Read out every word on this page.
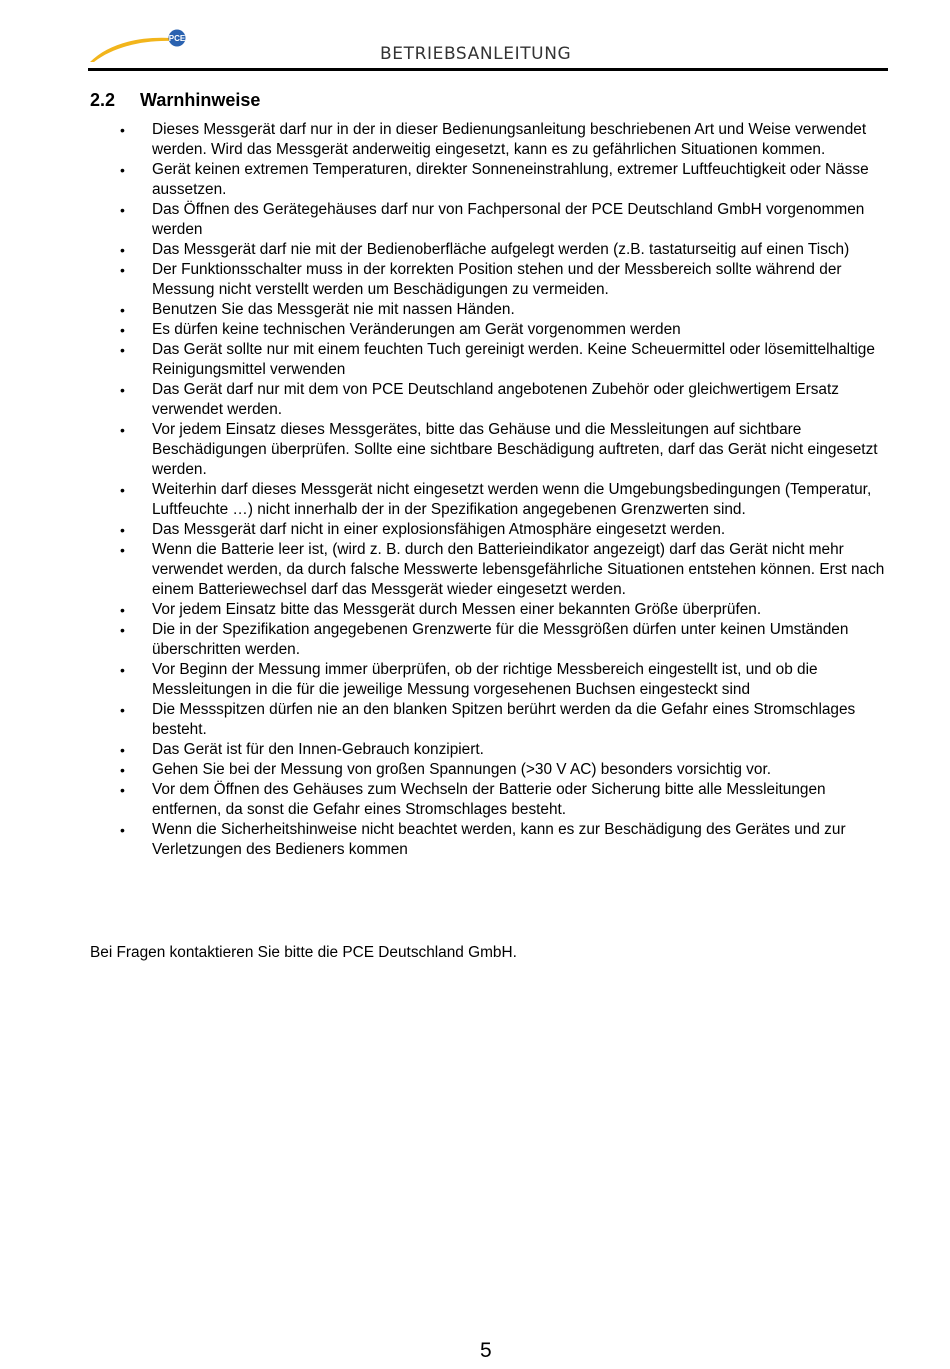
PCE
BETRIEBSANLEITUNG
2.2 Warnhinweise
• Dieses Messgerät darf nur in der in dieser Bedienungsanleitung beschriebenen Art und Weise verwendet werden. Wird das Messgerät anderweitig eingesetzt, kann es zu gefährlichen Situationen kommen.
• Gerät keinen extremen Temperaturen, direkter Sonneneinstrahlung, extremer Luftfeuchtigkeit oder Nässe aussetzen.
• Das Öffnen des Gerätegehäuses darf nur von Fachpersonal der PCE Deutschland GmbH vorgenommen werden
• Das Messgerät darf nie mit der Bedienoberfläche aufgelegt werden (z.B. tastaturseitig auf einen Tisch)
• Der Funktionsschalter muss in der korrekten Position stehen und der Messbereich sollte während der Messung nicht verstellt werden um Beschädigungen zu vermeiden.
• Benutzen Sie das Messgerät nie mit nassen Händen.
• Es dürfen keine technischen Veränderungen am Gerät vorgenommen werden
• Das Gerät sollte nur mit einem feuchten Tuch gereinigt werden. Keine Scheuermittel oder lösemittelhaltige Reinigungsmittel verwenden
• Das Gerät darf nur mit dem von PCE Deutschland angebotenen Zubehör oder gleichwertigem Ersatz verwendet werden.
• Vor jedem Einsatz dieses Messgerätes, bitte das Gehäuse und die Messleitungen auf sichtbare Beschädigungen überprüfen. Sollte eine sichtbare Beschädigung auftreten, darf das Gerät nicht eingesetzt werden.
• Weiterhin darf dieses Messgerät nicht eingesetzt werden wenn die Umgebungsbedingungen (Temperatur, Luftfeuchte …) nicht innerhalb der in der Spezifikation angegebenen Grenzwerten sind.
• Das Messgerät darf nicht in einer explosionsfähigen Atmosphäre eingesetzt werden.
• Wenn die Batterie leer ist, (wird z. B. durch den Batterieindikator angezeigt) darf das Gerät nicht mehr verwendet werden, da durch falsche Messwerte lebensgefährliche Situationen entstehen können. Erst nach einem Batteriewechsel darf das Messgerät wieder eingesetzt werden.
• Vor jedem Einsatz bitte das Messgerät durch Messen einer bekannten Größe überprüfen.
• Die in der Spezifikation angegebenen Grenzwerte für die Messgrößen dürfen unter keinen Umständen überschritten werden.
• Vor Beginn der Messung immer überprüfen, ob der richtige Messbereich eingestellt ist, und ob die Messleitungen in die für die jeweilige Messung vorgesehenen Buchsen eingesteckt sind
• Die Messspitzen dürfen nie an den blanken Spitzen berührt werden da die Gefahr eines Stromschlages besteht.
• Das Gerät ist für den Innen-Gebrauch konzipiert.
• Gehen Sie bei der Messung von großen Spannungen (>30 V AC) besonders vorsichtig vor.
• Vor dem Öffnen des Gehäuses zum Wechseln der Batterie oder Sicherung bitte alle Messleitungen entfernen, da sonst die Gefahr eines Stromschlages besteht.
• Wenn die Sicherheitshinweise nicht beachtet werden, kann es zur Beschädigung des Gerätes und zur Verletzungen des Bedieners kommen
Bei Fragen kontaktieren Sie bitte die PCE Deutschland GmbH.
5
